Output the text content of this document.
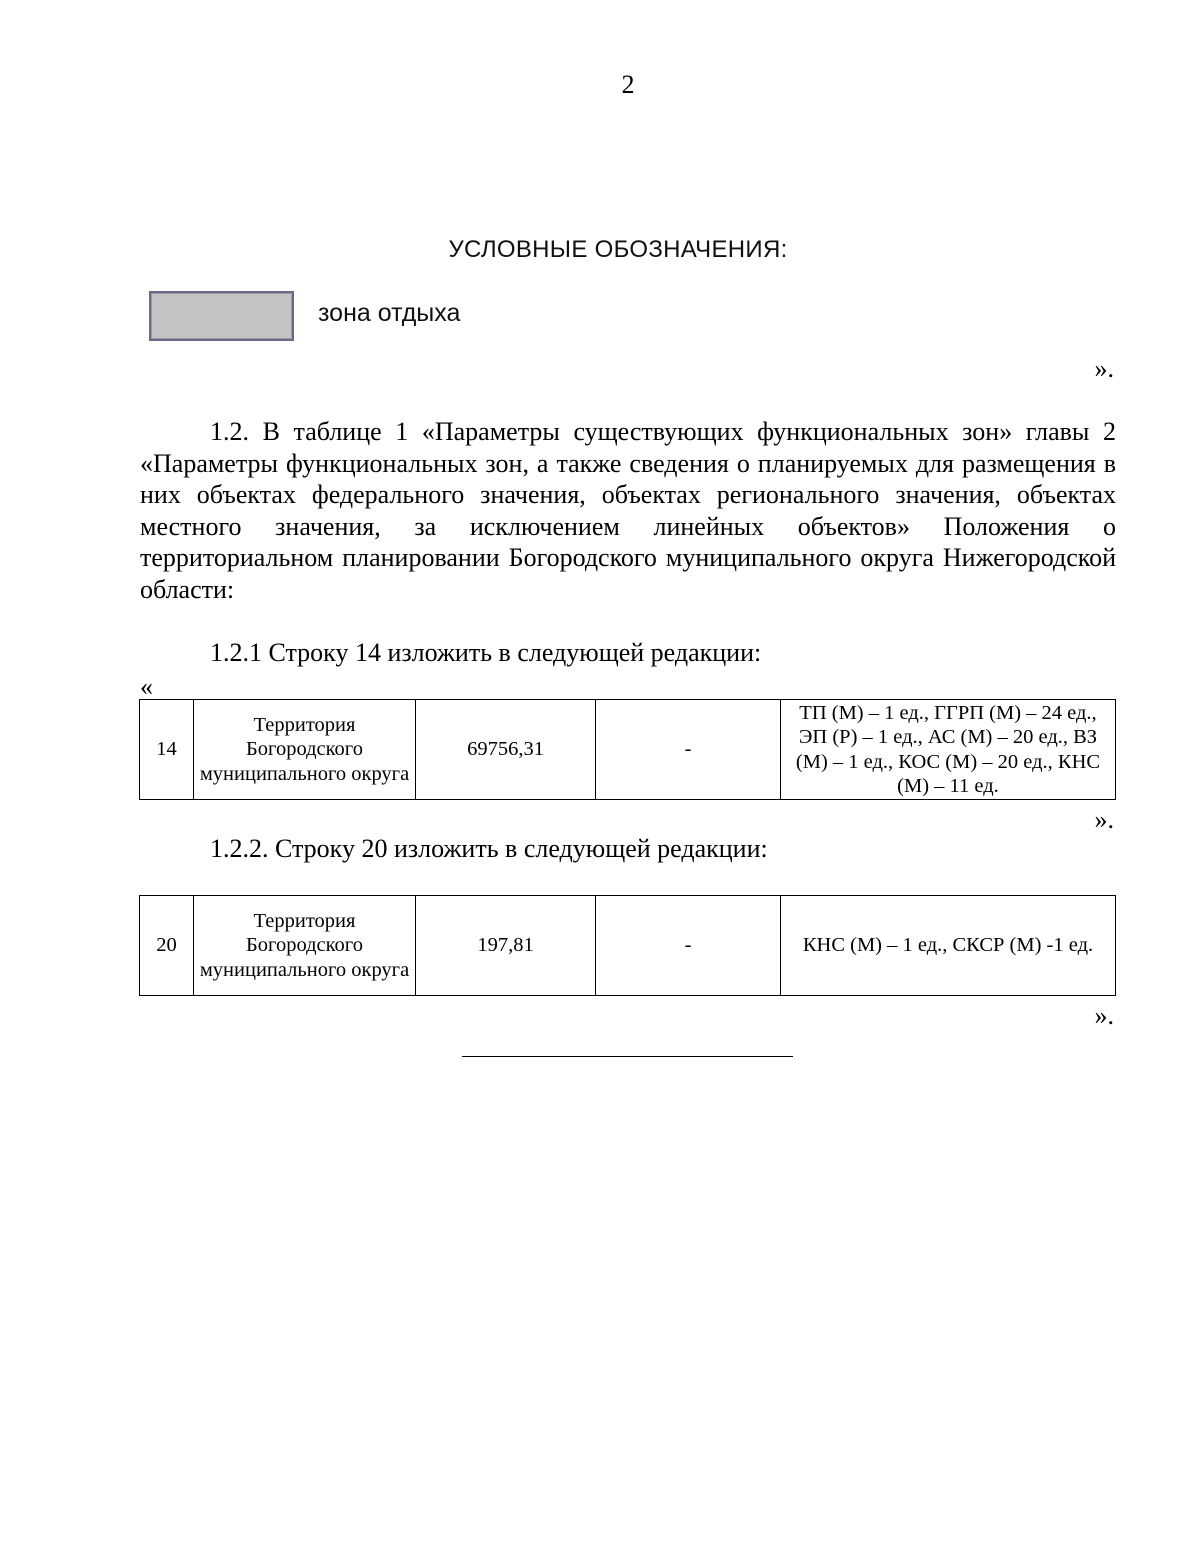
2
УСЛОВНЫЕ ОБОЗНАЧЕНИЯ:
зона отдыха
».
1.2. В таблице 1 «Параметры существующих функциональных зон» главы 2 «Параметры функциональных зон, а также сведения о планируемых для размещения в них объектах федерального значения, объектах регионального значения, объектах местного значения, за исключением линейных объектов» Положения о территориальном планировании Богородского муниципального округа Нижегородской области:
1.2.1 Строку 14 изложить в следующей редакции:
«
14	Территория Богородского муниципального округа	69756,31	-	ТП (М) – 1 ед., ГГРП (М) – 24 ед., ЭП (Р) – 1 ед., АС (М) – 20 ед., ВЗ (М) – 1 ед., КОС (М) – 20 ед., КНС (М) – 11 ед.
».
1.2.2. Строку 20 изложить в следующей редакции:
20	Территория Богородского муниципального округа	197,81	-	КНС (М) – 1 ед., СКСР (М) -1 ед.
».
